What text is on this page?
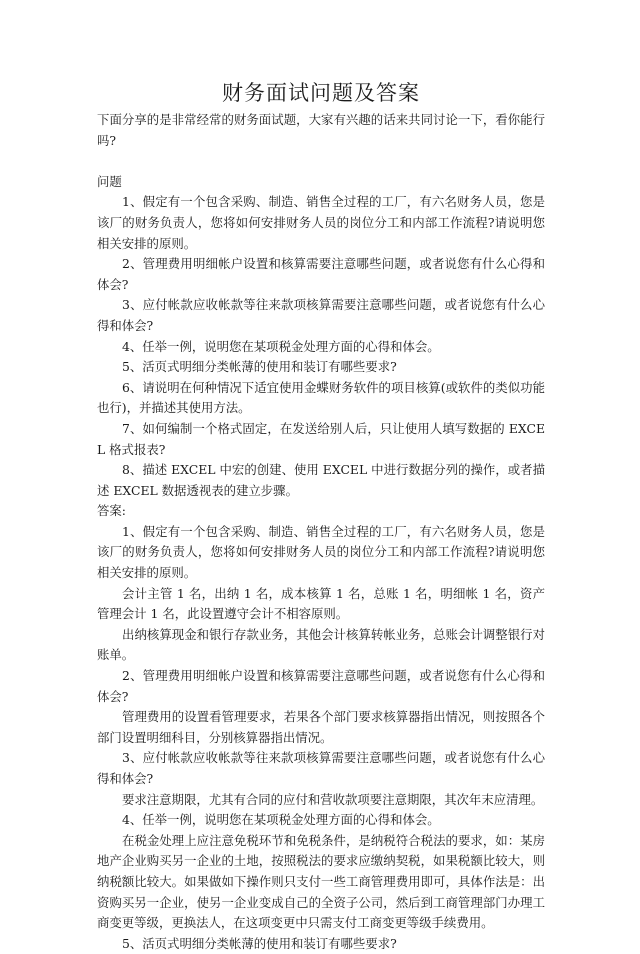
财务面试问题及答案

下面分享的是非常经常的财务面试题，大家有兴趣的话来共同讨论一下，看你能行吗?

问题

1、假定有一个包含采购、制造、销售全过程的工厂，有六名财务人员，您是该厂的财务负责人，您将如何安排财务人员的岗位分工和内部工作流程?请说明您相关安排的原则。

2、管理费用明细帐户设置和核算需要注意哪些问题，或者说您有什么心得和体会?

3、应付帐款应收帐款等往来款项核算需要注意哪些问题，或者说您有什么心得和体会?

4、任举一例，说明您在某项税金处理方面的心得和体会。

5、活页式明细分类帐薄的使用和装订有哪些要求?

6、请说明在何种情况下适宜使用金蝶财务软件的项目核算(或软件的类似功能也行)，并描述其使用方法。

7、如何编制一个格式固定，在发送给别人后，只让使用人填写数据的 EXCEL 格式报表?

8、描述 EXCEL 中宏的创建、使用 EXCEL 中进行数据分列的操作，或者描述 EXCEL 数据透视表的建立步骤。

答案:

1、假定有一个包含采购、制造、销售全过程的工厂，有六名财务人员，您是该厂的财务负责人，您将如何安排财务人员的岗位分工和内部工作流程?请说明您相关安排的原则。

会计主管 1 名，出纳 1 名，成本核算 1 名，总账 1 名，明细帐 1 名，资产管理会计 1 名，此设置遵守会计不相容原则。

出纳核算现金和银行存款业务，其他会计核算转帐业务，总账会计调整银行对账单。

2、管理费用明细帐户设置和核算需要注意哪些问题，或者说您有什么心得和体会?

管理费用的设置看管理要求，若果各个部门要求核算器指出情况，则按照各个部门设置明细科目，分别核算器指出情况。

3、应付帐款应收帐款等往来款项核算需要注意哪些问题，或者说您有什么心得和体会?

要求注意期限，尤其有合同的应付和营收款项要注意期限，其次年末应清理。

4、任举一例，说明您在某项税金处理方面的心得和体会。

在税金处理上应注意免税环节和免税条件，是纳税符合税法的要求，如：某房地产企业购买另一企业的土地，按照税法的要求应缴纳契税，如果税额比较大，则纳税额比较大。如果做如下操作则只支付一些工商管理费用即可，具体作法是：出资购买另一企业，使另一企业变成自己的全资子公司，然后到工商管理部门办理工商变更等级，更换法人，在这项变更中只需支付工商变更等级手续费用。

5、活页式明细分类帐薄的使用和装订有哪些要求?
